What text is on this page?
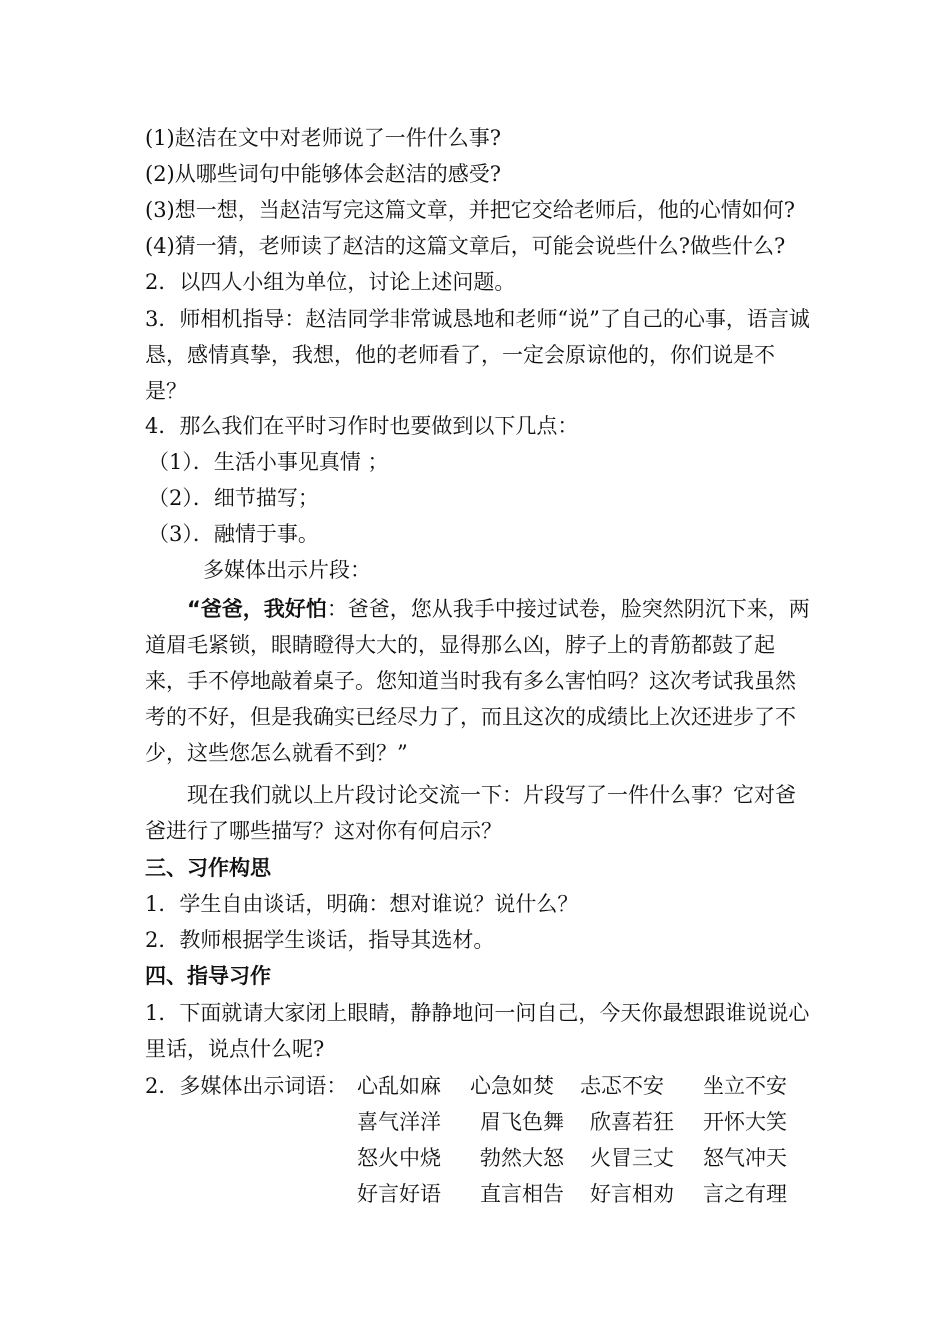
(1)赵洁在文中对老师说了一件什么事?
(2)从哪些词句中能够体会赵洁的感受?
(3)想一想，当赵洁写完这篇文章，并把它交给老师后，他的心情如何?
(4)猜一猜，老师读了赵洁的这篇文章后，可能会说些什么?做些什么?
2．以四人小组为单位，讨论上述问题。
3．师相机指导：赵洁同学非常诚恳地和老师“说”了自己的心事，语言诚恳，感情真挚，我想，他的老师看了，一定会原谅他的，你们说是不是？
4．那么我们在平时习作时也要做到以下几点：
（1）．生活小事见真情 ；
（2）．细节描写；
（3）．融情于事。
多媒体出示片段：
“爸爸，我好怕：爸爸，您从我手中接过试卷，脸突然阴沉下来，两道眉毛紧锁，眼睛瞪得大大的，显得那么凶，脖子上的青筋都鼓了起来，手不停地敲着桌子。您知道当时我有多么害怕吗？这次考试我虽然考的不好，但是我确实已经尽力了，而且这次的成绩比上次还进步了不少，这些您怎么就看不到？”
现在我们就以上片段讨论交流一下：片段写了一件什么事？它对爸爸进行了哪些描写？这对你有何启示？
三、习作构思
1．学生自由谈话，明确：想对谁说？说什么？
2．教师根据学生谈话，指导其选材。
四、指导习作
1．下面就请大家闭上眼睛，静静地问一问自己，今天你最想跟谁说说心里话，说点什么呢?
2．多媒体出示词语： 心乱如麻 心急如焚 忐忑不安 坐立不安
喜气洋洋 眉飞色舞 欣喜若狂 开怀大笑
怒火中烧 勃然大怒 火冒三丈 怒气冲天
好言好语 直言相告 好言相劝 言之有理
